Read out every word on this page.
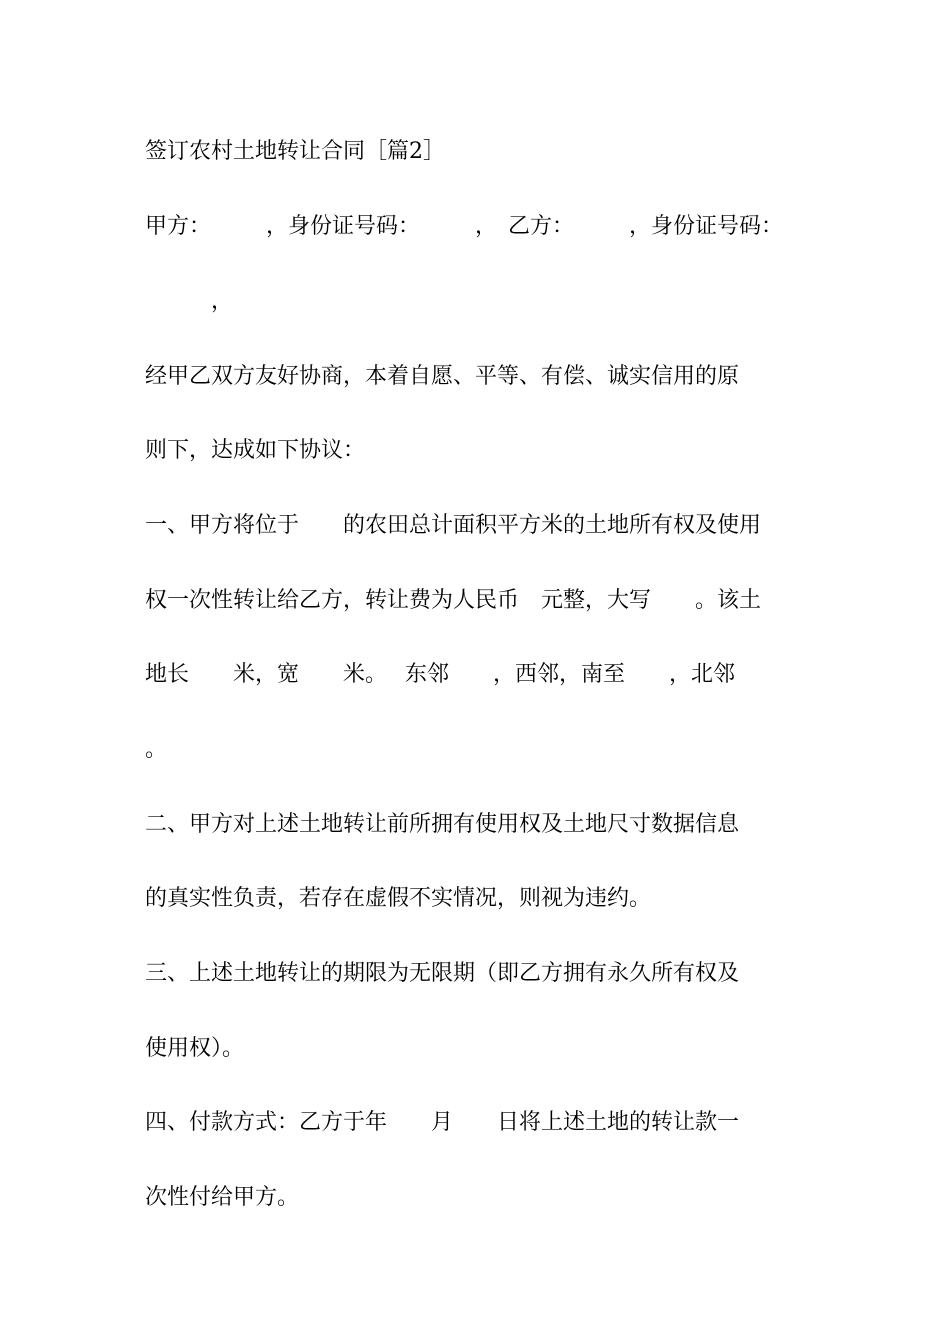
签订农村土地转让合同［篇2］
甲方：　　　，身份证号码：　　　，　乙方：　　　，身份证号码：
　　　，
经甲乙双方友好协商，本着自愿、平等、有偿、诚实信用的原
则下，达成如下协议：
一、甲方将位于　　的农田总计面积平方米的土地所有权及使用
权一次性转让给乙方，转让费为人民币　元整，大写　　。该土
地长　　米，宽　　米。　 东邻　　，西邻，南至　　，北邻
。
二、甲方对上述土地转让前所拥有使用权及土地尺寸数据信息
的真实性负责，若存在虚假不实情况，则视为违约。
三、上述土地转让的期限为无限期（即乙方拥有永久所有权及
使用权）。
四、付款方式：乙方于年　　月　　日将上述土地的转让款一
次性付给甲方。
